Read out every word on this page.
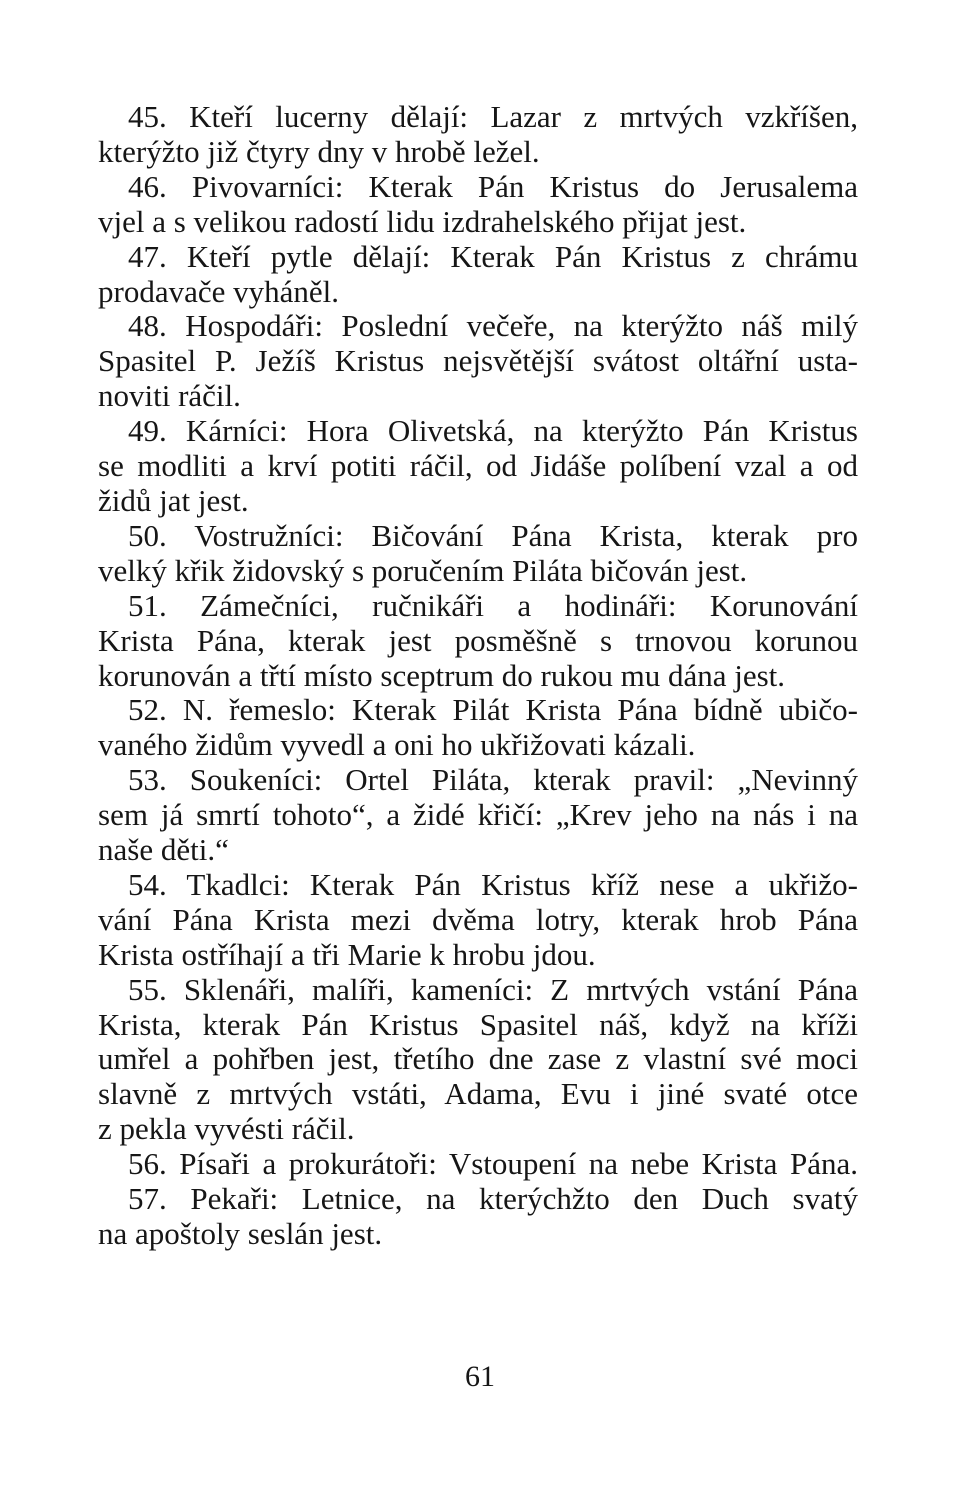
45. Kteří lucerny dělají: Lazar z mrtvých vzkříšen,
kterýžto již čtyry dny v hrobě ležel.
46. Pivovarníci: Kterak Pán Kristus do Jerusalema
vjel a s velikou radostí lidu izdrahelského přijat jest.
47. Kteří pytle dělají: Kterak Pán Kristus z chrámu
prodavače vyháněl.
48. Hospodáři: Poslední večeře, na kterýžto náš milý
Spasitel P. Ježíš Kristus nejsvětější svátost oltářní usta-
noviti ráčil.
49. Kárníci: Hora Olivetská, na kterýžto Pán Kristus
se modliti a krví potiti ráčil, od Jidáše políbení vzal a od
židů jat jest.
50. Vostružníci: Bičování Pána Krista, kterak pro
velký křik židovský s poručením Piláta bičován jest.
51. Zámečníci, ručnikáři a hodináři: Korunování
Krista Pána, kterak jest posměšně s trnovou korunou
korunován a třtí místo sceptrum do rukou mu dána jest.
52. N. řemeslo: Kterak Pilát Krista Pána bídně ubičo-
vaného židům vyvedl a oni ho ukřižovati kázali.
53. Soukeníci: Ortel Piláta, kterak pravil: „Nevinný
sem já smrtí tohoto“, a židé křičí: „Krev jeho na nás i na
naše děti.“
54. Tkadlci: Kterak Pán Kristus kříž nese a ukřižo-
vání Pána Krista mezi dvěma lotry, kterak hrob Pána
Krista ostříhají a tři Marie k hrobu jdou.
55. Sklenáři, malíři, kameníci: Z mrtvých vstání Pána
Krista, kterak Pán Kristus Spasitel náš, když na kříži
umřel a pohřben jest, třetího dne zase z vlastní své moci
slavně z mrtvých vstáti, Adama, Evu i jiné svaté otce
z pekla vyvésti ráčil.
56. Písaři a prokurátoři: Vstoupení na nebe Krista Pána.
57. Pekaři: Letnice, na kterýchžto den Duch svatý
na apoštoly seslán jest.
61
